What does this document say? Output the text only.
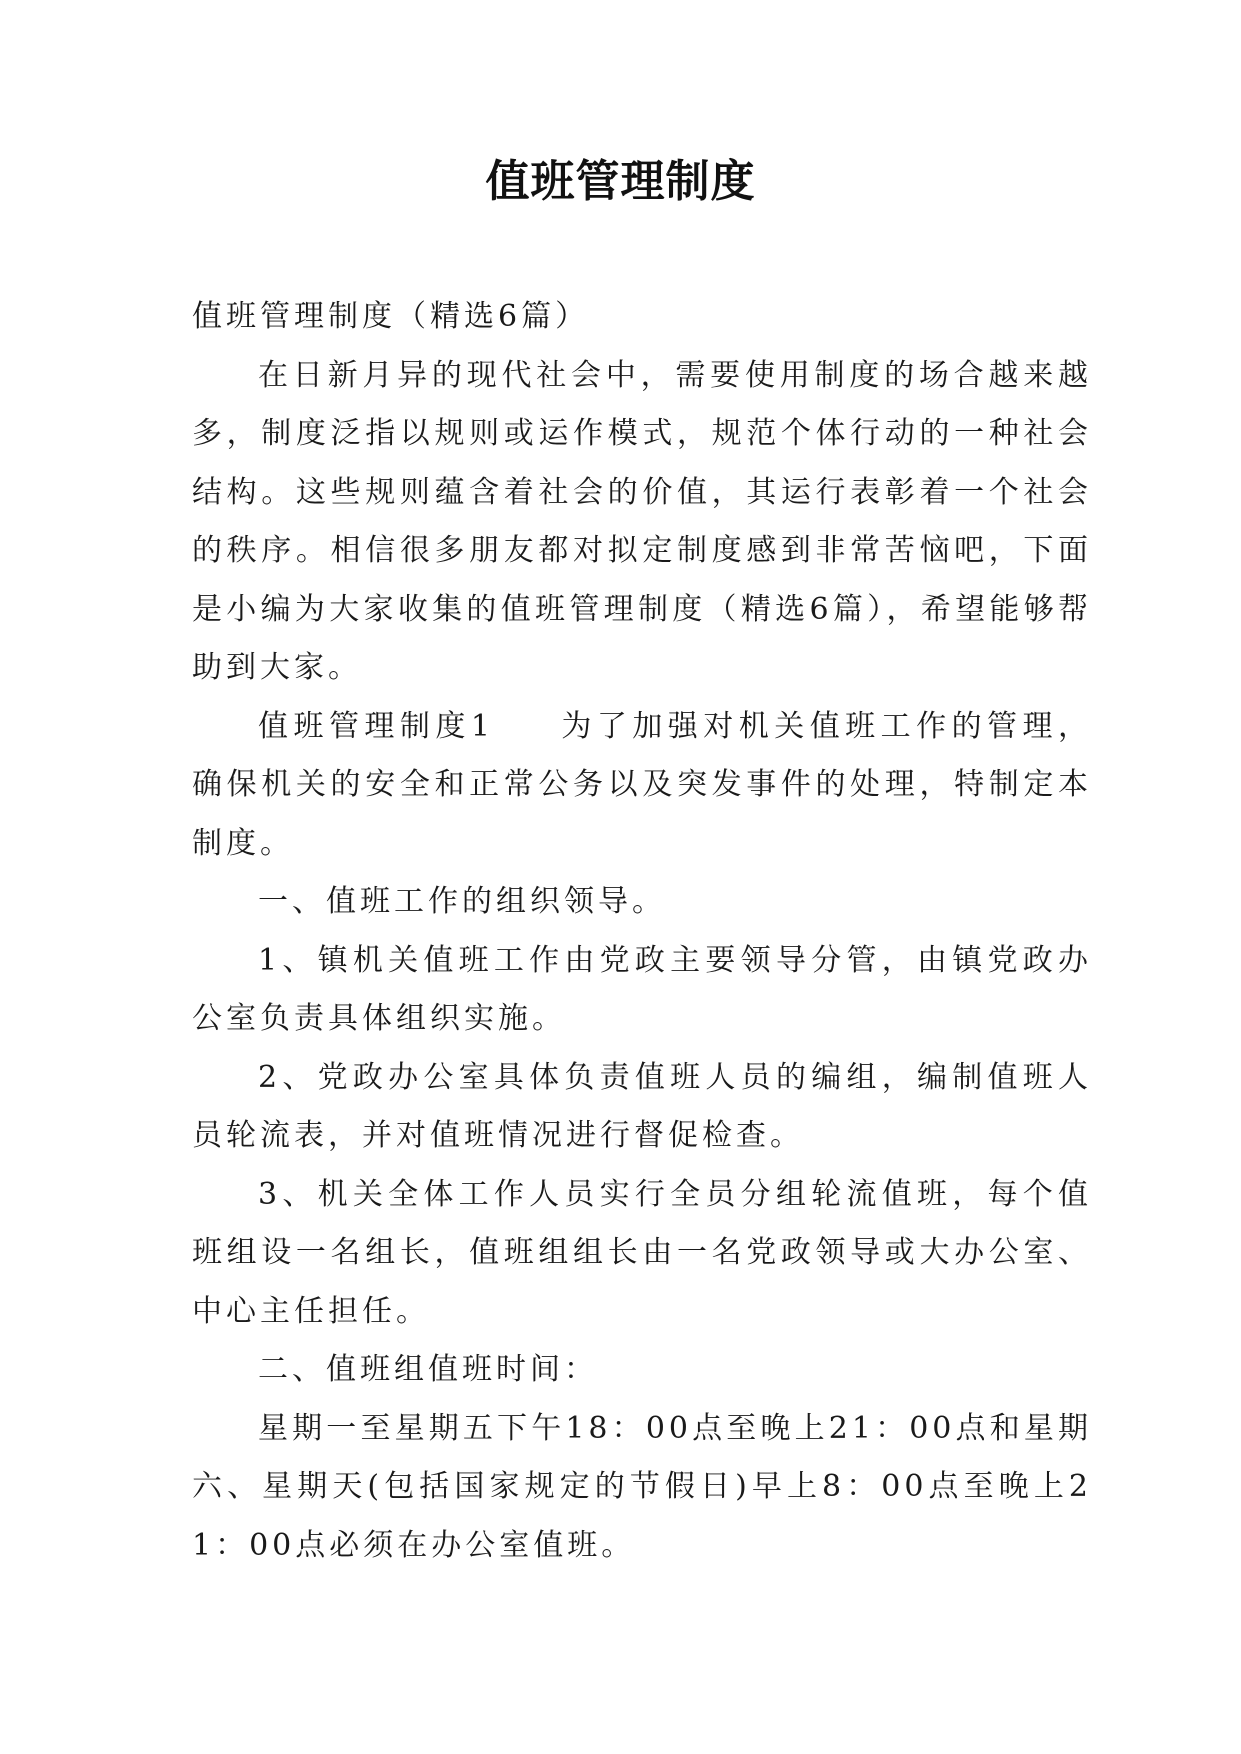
值班管理制度

值班管理制度（精选6篇）

在日新月异的现代社会中，需要使用制度的场合越来越多，制度泛指以规则或运作模式，规范个体行动的一种社会结构。这些规则蕴含着社会的价值，其运行表彰着一个社会的秩序。相信很多朋友都对拟定制度感到非常苦恼吧，下面是小编为大家收集的值班管理制度（精选6篇），希望能够帮助到大家。

值班管理制度1 为了加强对机关值班工作的管理，确保机关的安全和正常公务以及突发事件的处理，特制定本制度。

一、值班工作的组织领导。

1、镇机关值班工作由党政主要领导分管，由镇党政办公室负责具体组织实施。

2、党政办公室具体负责值班人员的编组，编制值班人员轮流表，并对值班情况进行督促检查。

3、机关全体工作人员实行全员分组轮流值班，每个值班组设一名组长，值班组组长由一名党政领导或大办公室、中心主任担任。

二、值班组值班时间：

星期一至星期五下午18：00点至晚上21：00点和星期六、星期天(包括国家规定的节假日)早上8：00点至晚上21：00点必须在办公室值班。
